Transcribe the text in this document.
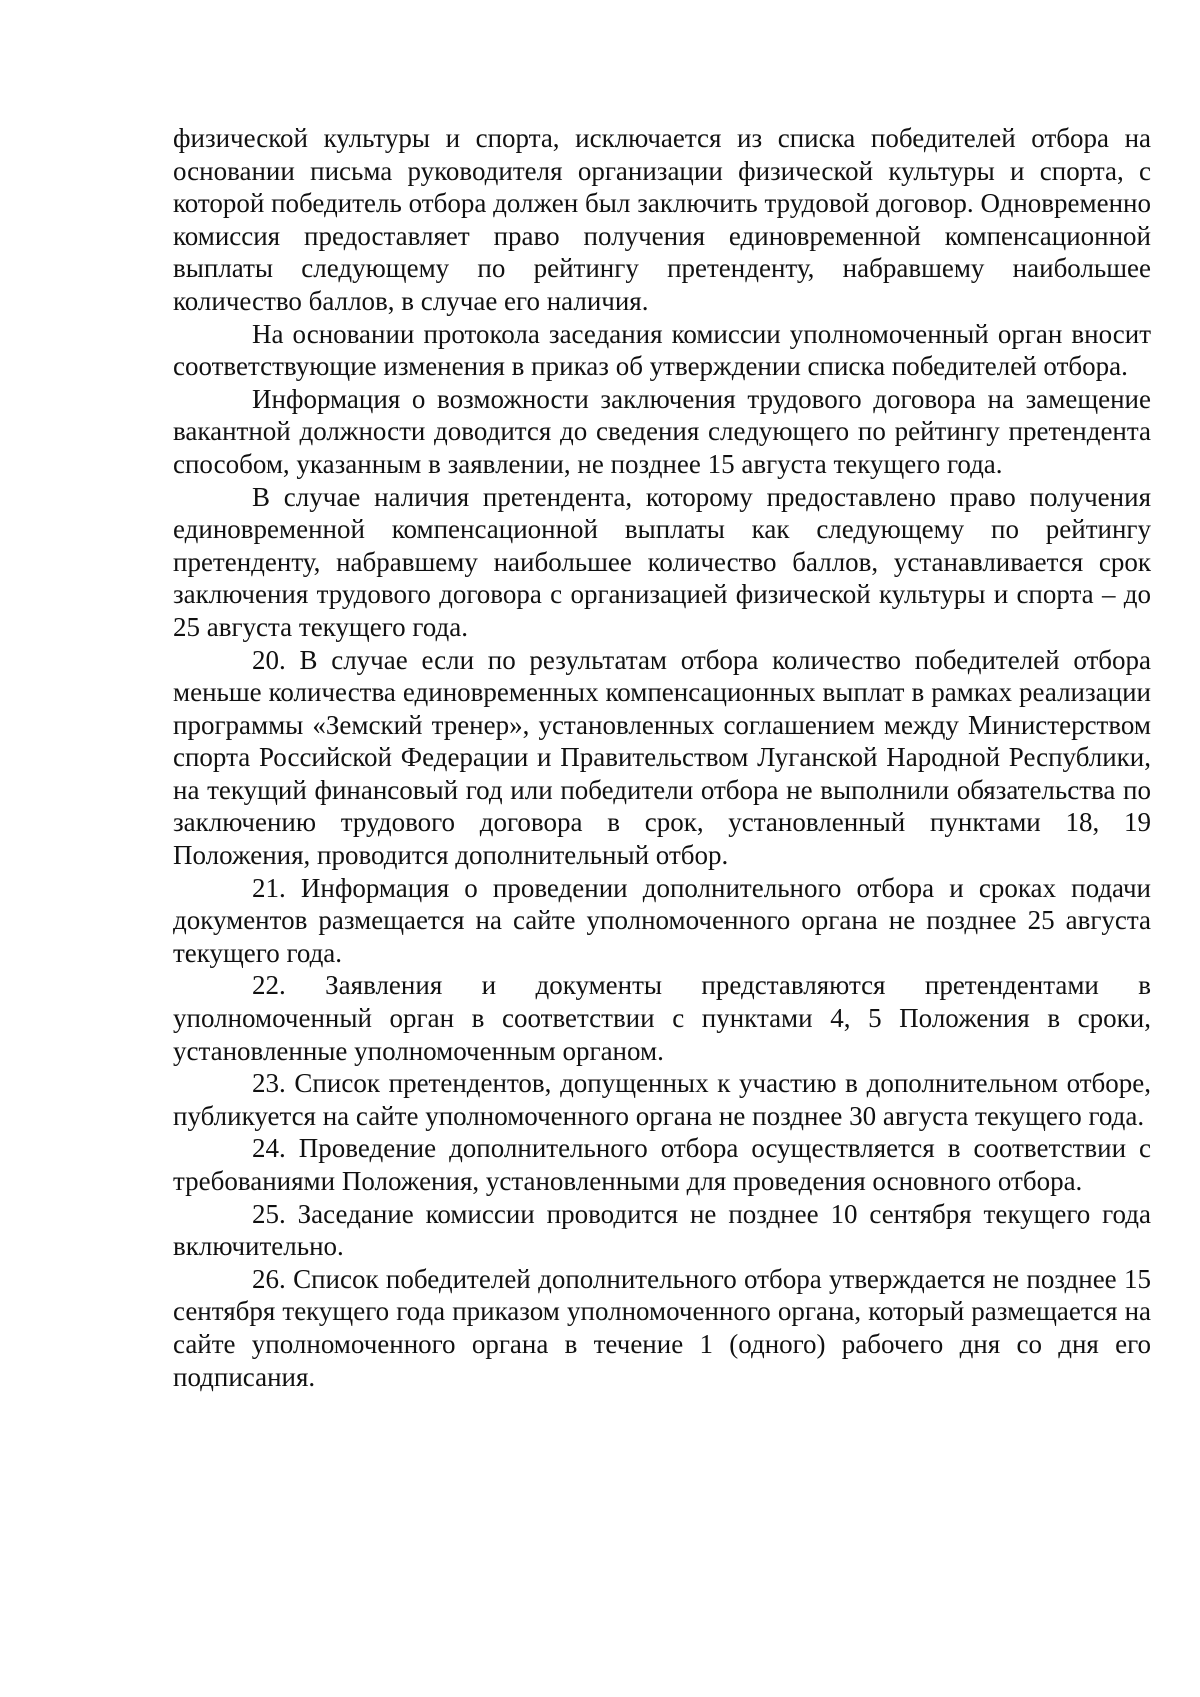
физической культуры и спорта, исключается из списка победителей отбора на основании письма руководителя организации физической культуры и спорта, с которой победитель отбора должен был заключить трудовой договор. Одновременно комиссия предоставляет право получения единовременной компенсационной выплаты следующему по рейтингу претенденту, набравшему наибольшее количество баллов, в случае его наличия.

На основании протокола заседания комиссии уполномоченный орган вносит соответствующие изменения в приказ об утверждении списка победителей отбора.

Информация о возможности заключения трудового договора на замещение вакантной должности доводится до сведения следующего по рейтингу претендента способом, указанным в заявлении, не позднее 15 августа текущего года.

В случае наличия претендента, которому предоставлено право получения единовременной компенсационной выплаты как следующему по рейтингу претенденту, набравшему наибольшее количество баллов, устанавливается срок заключения трудового договора с организацией физической культуры и спорта – до 25 августа текущего года.

20. В случае если по результатам отбора количество победителей отбора меньше количества единовременных компенсационных выплат в рамках реализации программы «Земский тренер», установленных соглашением между Министерством спорта Российской Федерации и Правительством Луганской Народной Республики, на текущий финансовый год или победители отбора не выполнили обязательства по заключению трудового договора в срок, установленный пунктами 18, 19 Положения, проводится дополнительный отбор.

21. Информация о проведении дополнительного отбора и сроках подачи документов размещается на сайте уполномоченного органа не позднее 25 августа текущего года.

22. Заявления и документы представляются претендентами в уполномоченный орган в соответствии с пунктами 4, 5 Положения в сроки, установленные уполномоченным органом.

23. Список претендентов, допущенных к участию в дополнительном отборе, публикуется на сайте уполномоченного органа не позднее 30 августа текущего года.

24. Проведение дополнительного отбора осуществляется в соответствии с требованиями Положения, установленными для проведения основного отбора.

25. Заседание комиссии проводится не позднее 10 сентября текущего года включительно.

26. Список победителей дополнительного отбора утверждается не позднее 15 сентября текущего года приказом уполномоченного органа, который размещается на сайте уполномоченного органа в течение 1 (одного) рабочего дня со дня его подписания.
